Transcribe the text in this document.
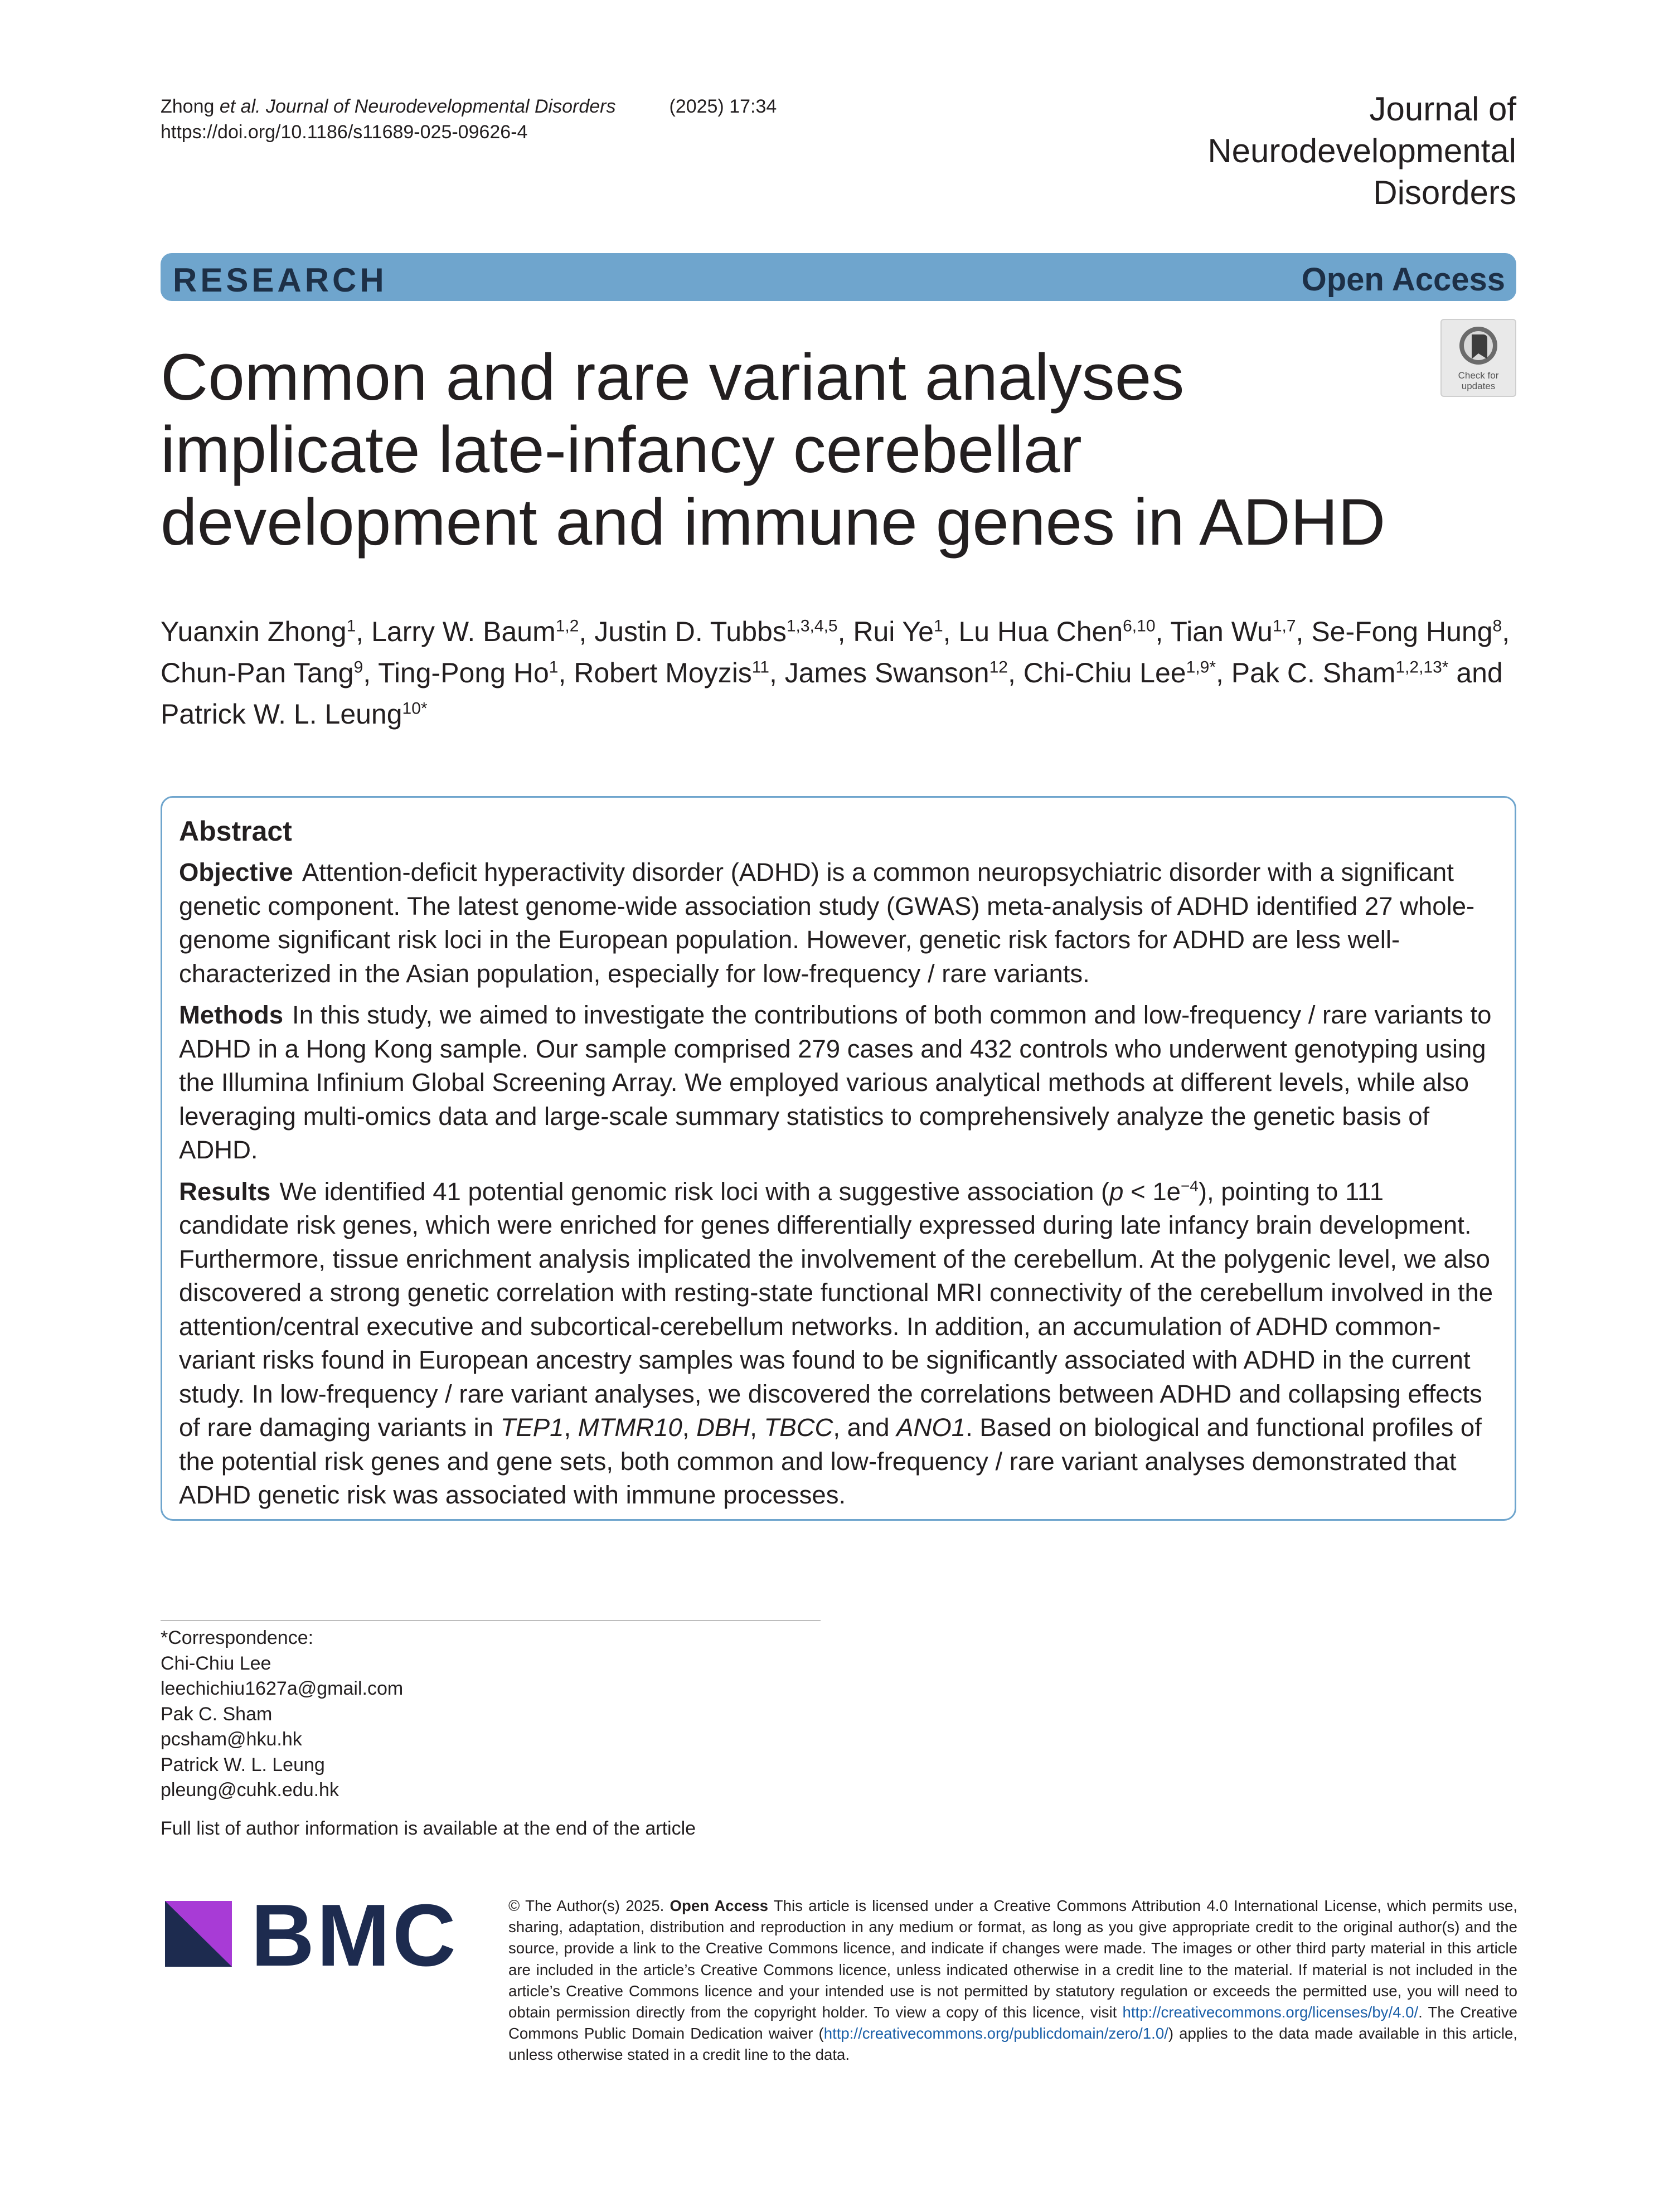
Zhong et al. Journal of Neurodevelopmental Disorders	(2025) 17:34
https://doi.org/10.1186/s11689-025-09626-4
Journal of
Neurodevelopmental
Disorders
RESEARCH	Open Access
Check for
updates
Common and rare variant analyses implicate late-infancy cerebellar development and immune genes in ADHD
Yuanxin Zhong$^1$, Larry W. Baum$^{1,2}$, Justin D. Tubbs$^{1,3,4,5}$, Rui Ye$^1$, Lu Hua Chen$^{6,10}$, Tian Wu$^{1,7}$, Se-Fong Hung$^8$, Chun-Pan Tang$^9$, Ting-Pong Ho$^1$, Robert Moyzis$^{11}$, James Swanson$^{12}$, Chi-Chiu Lee$^{1,9*}$, Pak C. Sham$^{1,2,13*}$ and Patrick W. L. Leung$^{10*}$
Abstract

Objective Attention-deficit hyperactivity disorder (ADHD) is a common neuropsychiatric disorder with a significant genetic component. The latest genome-wide association study (GWAS) meta-analysis of ADHD identified 27 whole-genome significant risk loci in the European population. However, genetic risk factors for ADHD are less well-characterized in the Asian population, especially for low-frequency / rare variants.

Methods In this study, we aimed to investigate the contributions of both common and low-frequency / rare variants to ADHD in a Hong Kong sample. Our sample comprised 279 cases and 432 controls who underwent genotyping using the Illumina Infinium Global Screening Array. We employed various analytical methods at different levels, while also leveraging multi-omics data and large-scale summary statistics to comprehensively analyze the genetic basis of ADHD.

Results We identified 41 potential genomic risk loci with a suggestive association $(p < 1e^{-4})$, pointing to 111 candidate risk genes, which were enriched for genes differentially expressed during late infancy brain development. Furthermore, tissue enrichment analysis implicated the involvement of the cerebellum. At the polygenic level, we also discovered a strong genetic correlation with resting-state functional MRI connectivity of the cerebellum involved in the attention/central executive and subcortical-cerebellum networks. In addition, an accumulation of ADHD common-variant risks found in European ancestry samples was found to be significantly associated with ADHD in the current study. In low-frequency / rare variant analyses, we discovered the correlations between ADHD and collapsing effects of rare damaging variants in TEP1, MTMR10, DBH, TBCC, and ANO1. Based on biological and functional profiles of the potential risk genes and gene sets, both common and low-frequency / rare variant analyses demonstrated that ADHD genetic risk was associated with immune processes.

*Correspondence:
Chi-Chiu Lee
leechichiu1627a@gmail.com
Pak C. Sham
pcsham@hku.hk
Patrick W. L. Leung
pleung@cuhk.edu.hk
Full list of author information is available at the end of the article
BMC	© The Author(s) 2025. Open Access This article is licensed under a Creative Commons Attribution 4.0 International License, which permits use, sharing, adaptation, distribution and reproduction in any medium or format, as long as you give appropriate credit to the original author(s) and the source, provide a link to the Creative Commons licence, and indicate if changes were made. The images or other third party material in this article are included in the article’s Creative Commons licence, unless indicated otherwise in a credit line to the material. If material is not included in the article’s Creative Commons licence and your intended use is not permitted by statutory regulation or exceeds the permitted use, you will need to obtain permission directly from the copyright holder. To view a copy of this licence, visit http://creativecommons.org/licenses/by/4.0/. The Creative Commons Public Domain Dedication waiver (http://creativecommons.org/publicdomain/zero/1.0/) applies to the data made available in this article, unless otherwise stated in a credit line to the data.
